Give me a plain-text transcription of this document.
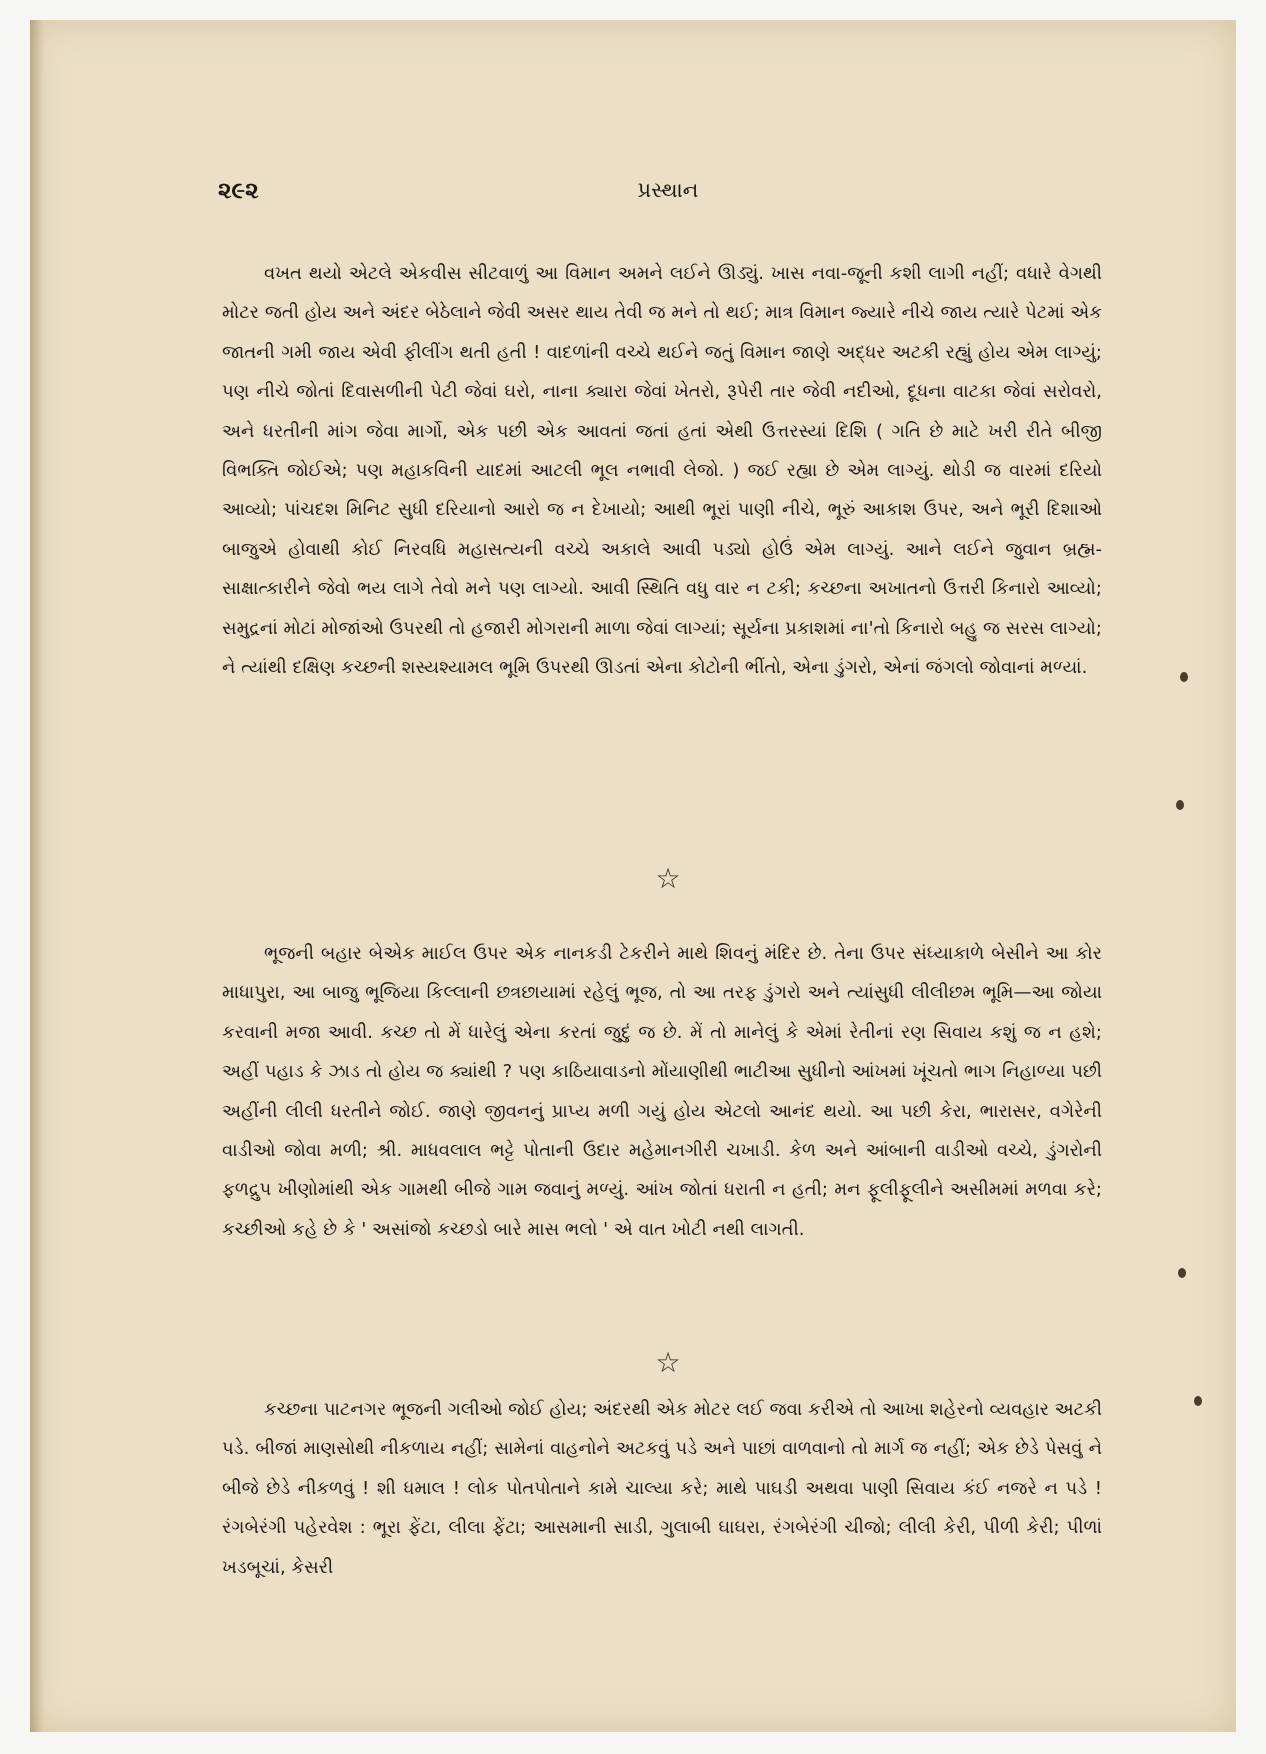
૨૯૨	પ્રસ્થાન

વખત થયો એટલે એકવીસ સીટવાળું આ વિમાન અમને લઈને ઊડ્યું. ખાસ નવા-જૂની કશી લાગી નહીં; વધારે વેગથી મોટર જતી હોય અને અંદર બેઠેલાને જેવી અસર થાય તેવી જ મને તો થઈ; માત્ર વિમાન જ્યારે નીચે જાય ત્યારે પેટમાં એક જાતની ગમી જાય એવી ફીલીંગ થતી હતી ! વાદળાંની વચ્ચે થઈને જતું વિમાન જાણે અદ્ધર અટકી રહ્યું હોય એમ લાગ્યું; પણ નીચે જોતાં દિવાસળીની પેટી જેવાં ઘરો, નાના ક્યારા જેવાં ખેતરો, રૂપેરી તાર જેવી નદીઓ, દૂધના વાટકા જેવાં સરોવરો, અને ધરતીની માંગ જેવા માર્ગો, એક પછી એક આવતાં જતાં હતાં એથી ઉત્તરસ્યાં દિશિ ( ગતિ છે માટે ખરી રીતે બીજી વિભક્તિ જોઈએ; પણ મહાકવિની યાદમાં આટલી ભૂલ નભાવી લેજો. ) જઈ રહ્યા છે એમ લાગ્યું. થોડી જ વારમાં દરિયો આવ્યો; પાંચદશ મિનિટ સુધી દરિયાનો આરો જ ન દેખાયો; આથી ભૂરાં પાણી નીચે, ભૂરું આકાશ ઉપર, અને ભૂરી દિશાઓ બાજુએ હોવાથી કોઈ નિરવધિ મહાસત્યની વચ્ચે અકાલે આવી પડ્યો હોઉં એમ લાગ્યું. આને લઈને જુવાન બ્રહ્મ-સાક્ષાત્કારીને જેવો ભય લાગે તેવો મને પણ લાગ્યો. આવી સ્થિતિ વધુ વાર ન ટકી; કચ્છના અખાતનો ઉત્તરી કિનારો આવ્યો; સમુદ્રનાં મોટાં મોજાંઓ ઉપરથી તો હજારી મોગરાની માળા જેવાં લાગ્યાં; સૂર્યના પ્રકાશમાં ના'તો કિનારો બહુ જ સરસ લાગ્યો; ને ત્યાંથી દક્ષિણ કચ્છની શસ્યશ્યામલ ભૂમિ ઉપરથી ઊડતાં એના કોટોની ભીંતો, એના ડુંગરો, એનાં જંગલો જોવાનાં મળ્યાં.

☆

ભૂજની બહાર બેએક માઈલ ઉપર એક નાનકડી ટેકરીને માથે શિવનું મંદિર છે. તેના ઉપર સંધ્યાકાળે બેસીને આ કોર માધાપુરા, આ બાજુ ભૂજિયા કિલ્લાની છત્રછાયામાં રહેલું ભૂજ, તો આ તરફ ડુંગરો અને ત્યાંસુધી લીલીછમ ભૂમિ—આ જોયા કરવાની મજા આવી. કચ્છ તો મેં ધારેલું એના કરતાં જુદું જ છે. મેં તો માનેલું કે એમાં રેતીનાં રણ સિવાય કશું જ ન હશે; અહીં પહાડ કે ઝાડ તો હોય જ ક્યાંથી ? પણ કાઠિયાવાડનો મોંયાણીથી ભાટીઆ સુધીનો આંખમાં ખૂંચતો ભાગ નિહાળ્યા પછી અહીંની લીલી ધરતીને જોઈ. જાણે જીવનનું પ્રાપ્ય મળી ગયું હોય એટલો આનંદ થયો. આ પછી કેરા, ભારાસર, વગેરેની વાડીઓ જોવા મળી; શ્રી. માધવલાલ ભટ્ટે પોતાની ઉદાર મહેમાનગીરી ચખાડી. કેળ અને આંબાની વાડીઓ વચ્ચે, ડુંગરોની ફળદ્રુપ ખીણોમાંથી એક ગામથી બીજે ગામ જવાનું મળ્યું. આંખ જોતાં ધરાતી ન હતી; મન ફૂલીફૂલીને અસીમમાં મળવા કરે; કચ્છીઓ કહે છે કે ' અસાંજો કચ્છડો બારે માસ ભલો ' એ વાત ખોટી નથી લાગતી.

☆

કચ્છના પાટનગર ભૂજની ગલીઓ જોઈ હોય; અંદરથી એક મોટર લઈ જવા કરીએ તો આખા શહેરનો વ્યવહાર અટકી પડે. બીજાં માણસોથી નીકળાય નહીં; સામેનાં વાહનોને અટકવું પડે અને પાછાં વાળવાનો તો માર્ગ જ નહીં; એક છેડે પેસવું ને બીજે છેડે નીકળવું ! શી ધમાલ ! લોક પોતપોતાને કામે ચાલ્યા કરે; માથે પાઘડી અથવા પાણી સિવાય કંઈ નજરે ન પડે ! રંગબેરંગી પહેરવેશ : ભૂરા ફેંટા, લીલા ફેંટા; આસમાની સાડી, ગુલાબી ઘાઘરા, રંગબેરંગી ચીજો; લીલી કેરી, પીળી કેરી; પીળાં ખડબૂચાં, કેસરી
